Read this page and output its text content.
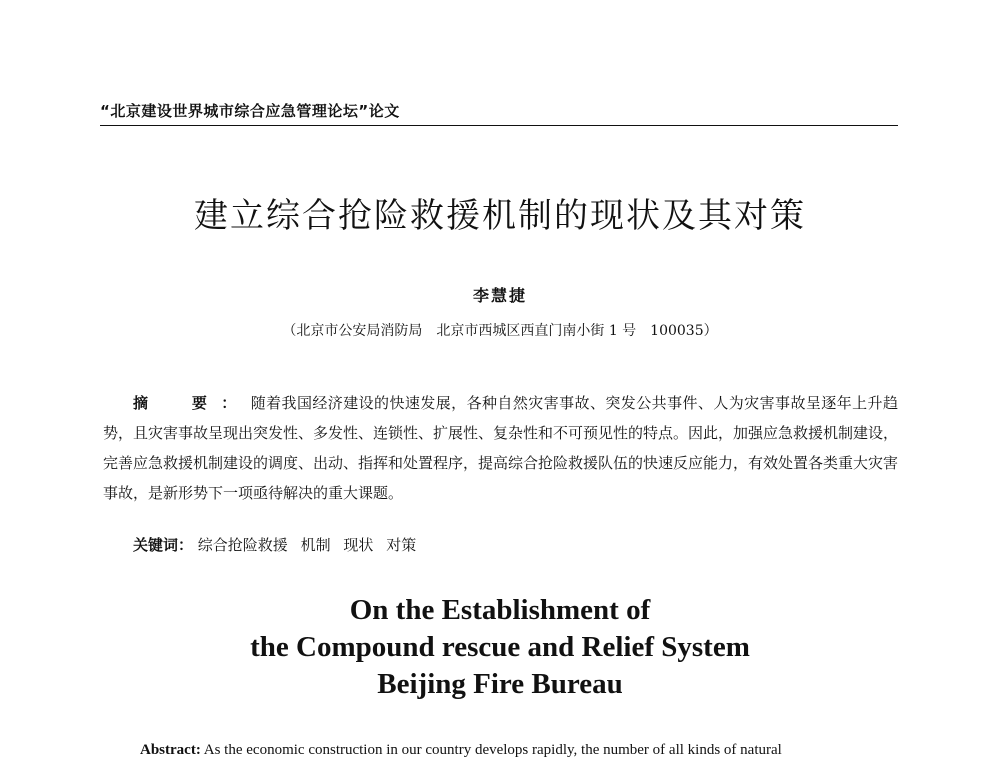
“北京建设世界城市综合应急管理论坛”论文
建立综合抢险救援机制的现状及其对策
李慧捷
（北京市公安局消防局　北京市西城区西直门南小街 1 号　100035）
摘　要：随着我国经济建设的快速发展，各种自然灾害事故、突发公共事件、人为灾害事故呈逐年上升趋势，且灾害事故呈现出突发性、多发性、连锁性、扩展性、复杂性和不可预见性的特点。因此，加强应急救援机制建设，完善应急救援机制建设的调度、出动、指挥和处置程序，提高综合抢险救援队伍的快速反应能力，有效处置各类重大灾害事故，是新形势下一项亟待解决的重大课题。
关键词： 综合抢险救援 机制 现状 对策
On the Establishment of
the Compound rescue and Relief System
Beijing Fire Bureau
Abstract: As the economic construction in our country develops rapidly, the number of all kinds of natural
